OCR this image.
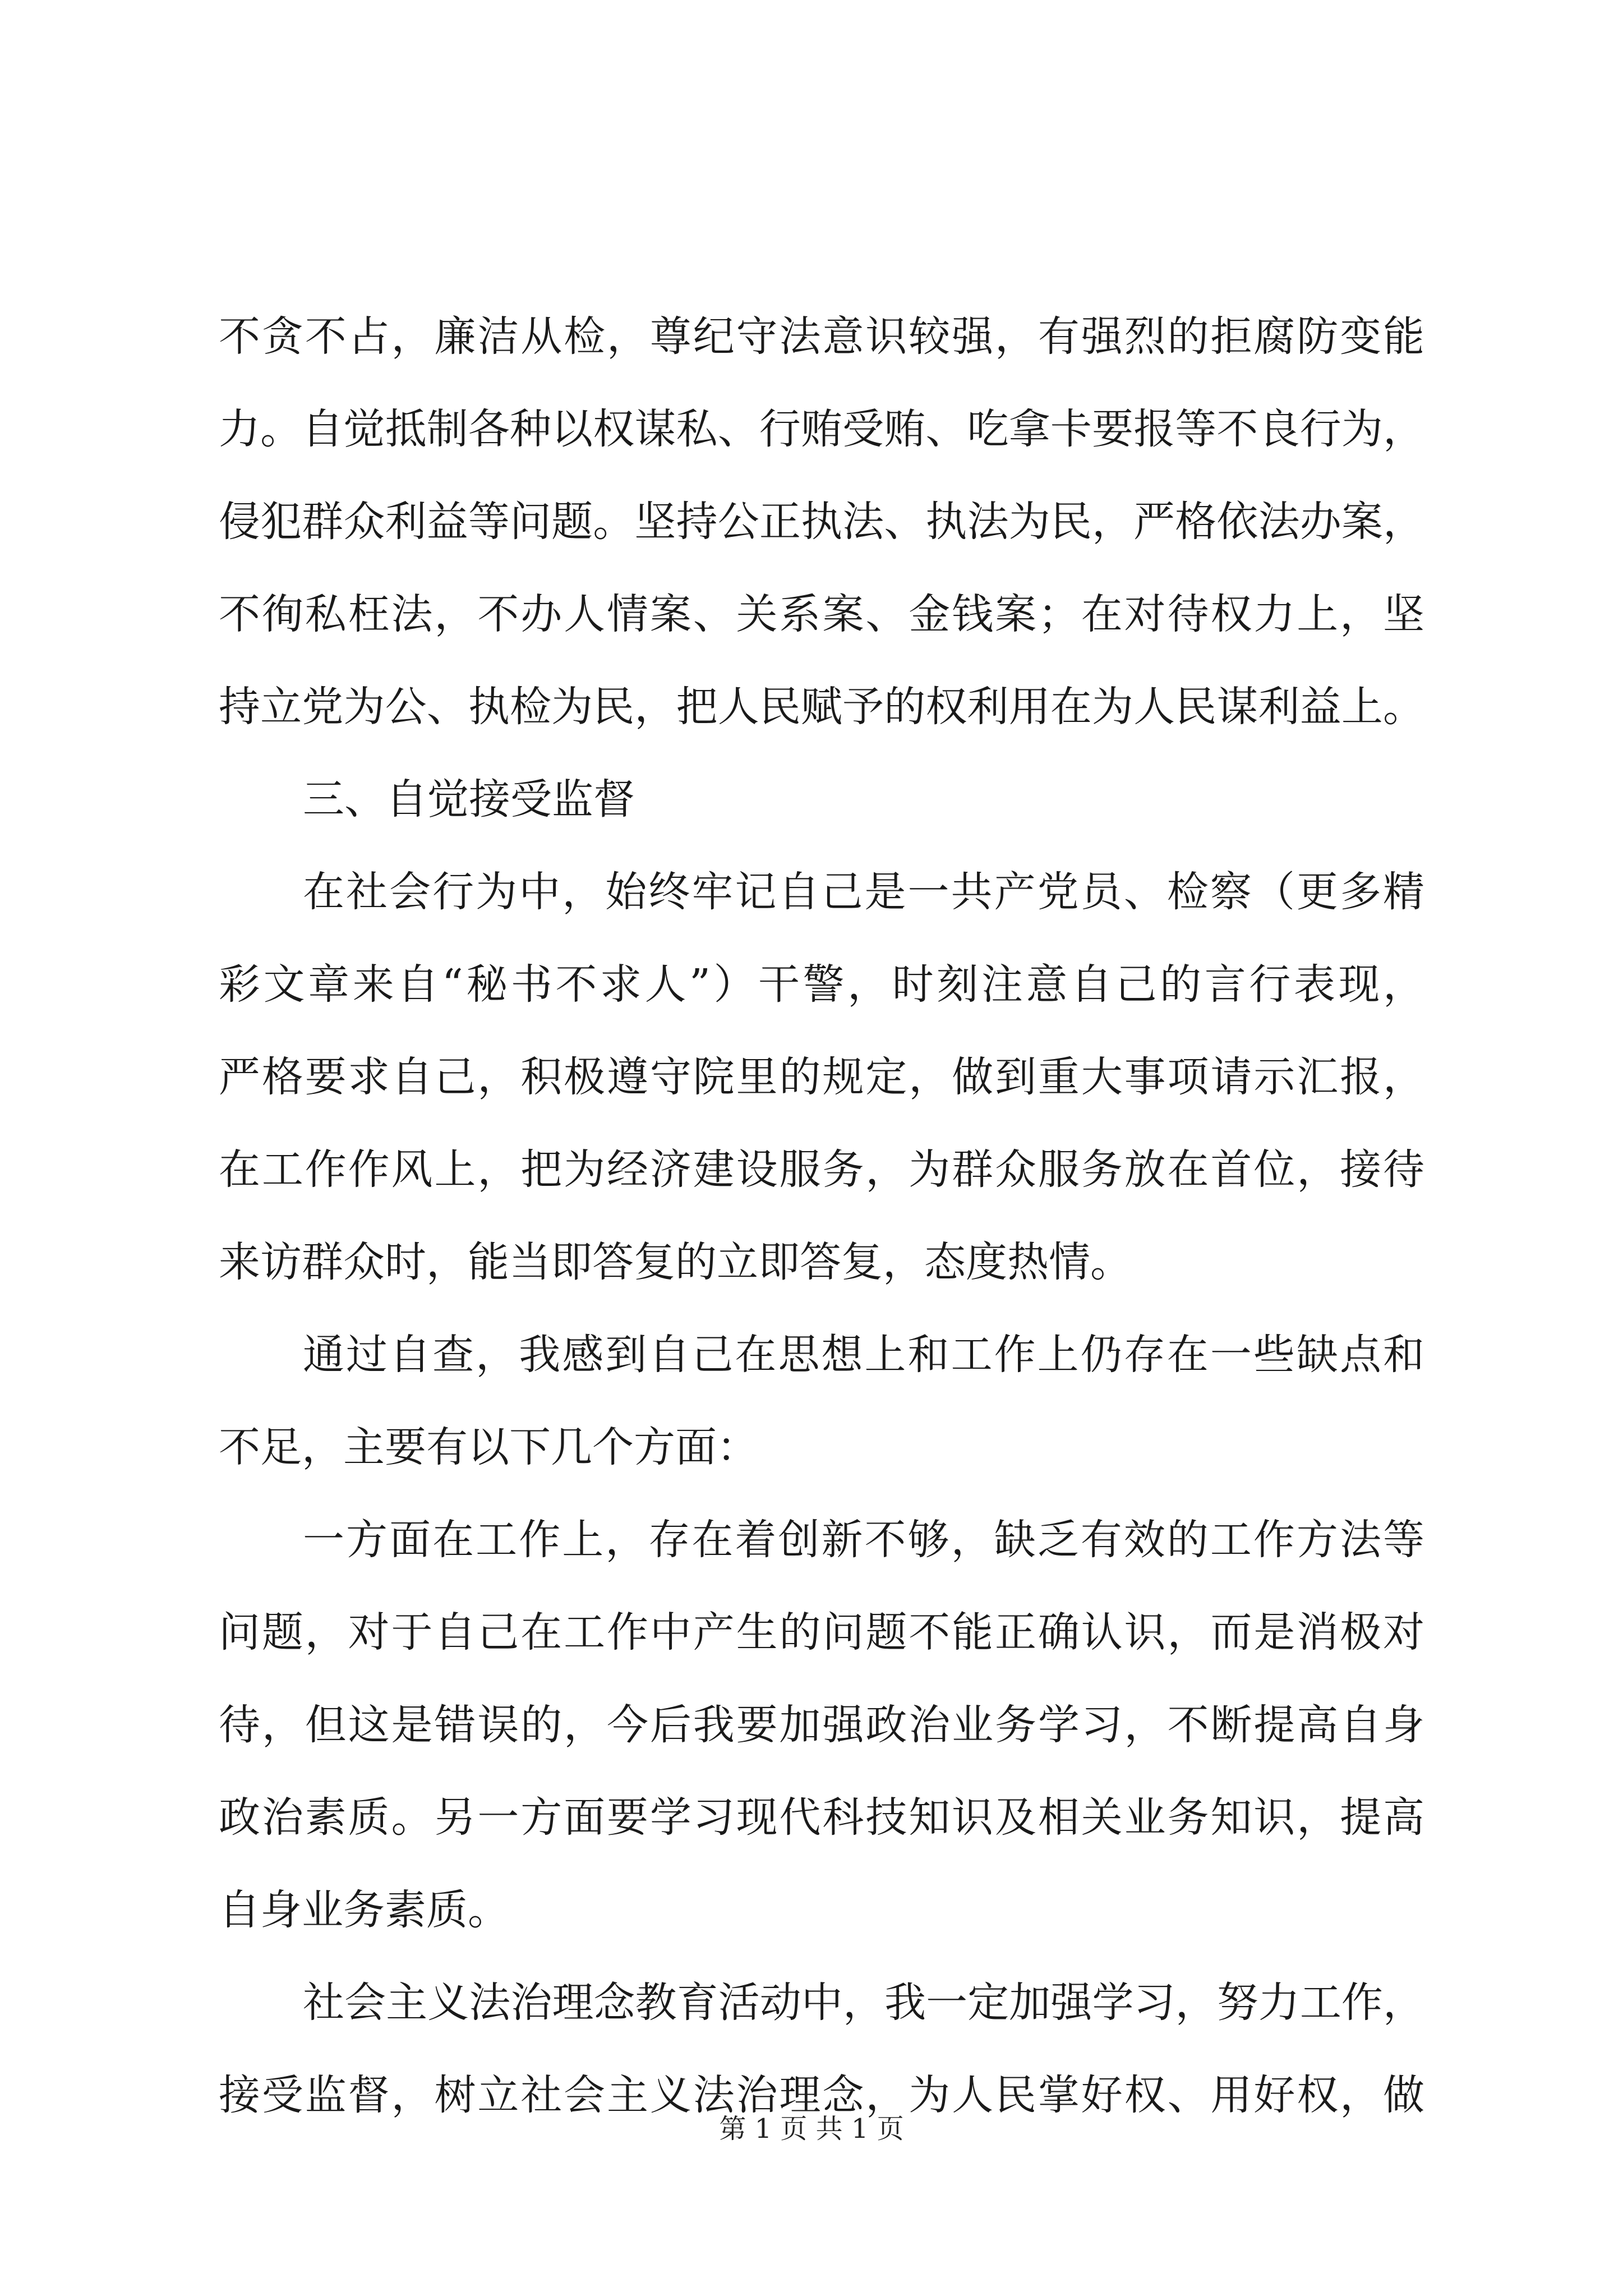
不贪不占，廉洁从检，尊纪守法意识较强，有强烈的拒腐防变能
力。自觉抵制各种以权谋私、行贿受贿、吃拿卡要报等不良行为，
侵犯群众利益等问题。坚持公正执法、执法为民，严格依法办案，
不徇私枉法，不办人情案、关系案、金钱案；在对待权力上，坚
持立党为公、执检为民，把人民赋予的权利用在为人民谋利益上。
三、自觉接受监督
在社会行为中，始终牢记自己是一共产党员、检察（更多精
彩文章来自“秘书不求人”）干警，时刻注意自己的言行表现，
严格要求自己，积极遵守院里的规定，做到重大事项请示汇报，
在工作作风上，把为经济建设服务，为群众服务放在首位，接待
来访群众时，能当即答复的立即答复，态度热情。
通过自查，我感到自己在思想上和工作上仍存在一些缺点和
不足，主要有以下几个方面：
一方面在工作上，存在着创新不够，缺乏有效的工作方法等
问题，对于自己在工作中产生的问题不能正确认识，而是消极对
待，但这是错误的，今后我要加强政治业务学习，不断提高自身
政治素质。另一方面要学习现代科技知识及相关业务知识，提高
自身业务素质。
社会主义法治理念教育活动中，我一定加强学习，努力工作，
接受监督，树立社会主义法治理念，为人民掌好权、用好权，做
第 1 页 共 1 页
